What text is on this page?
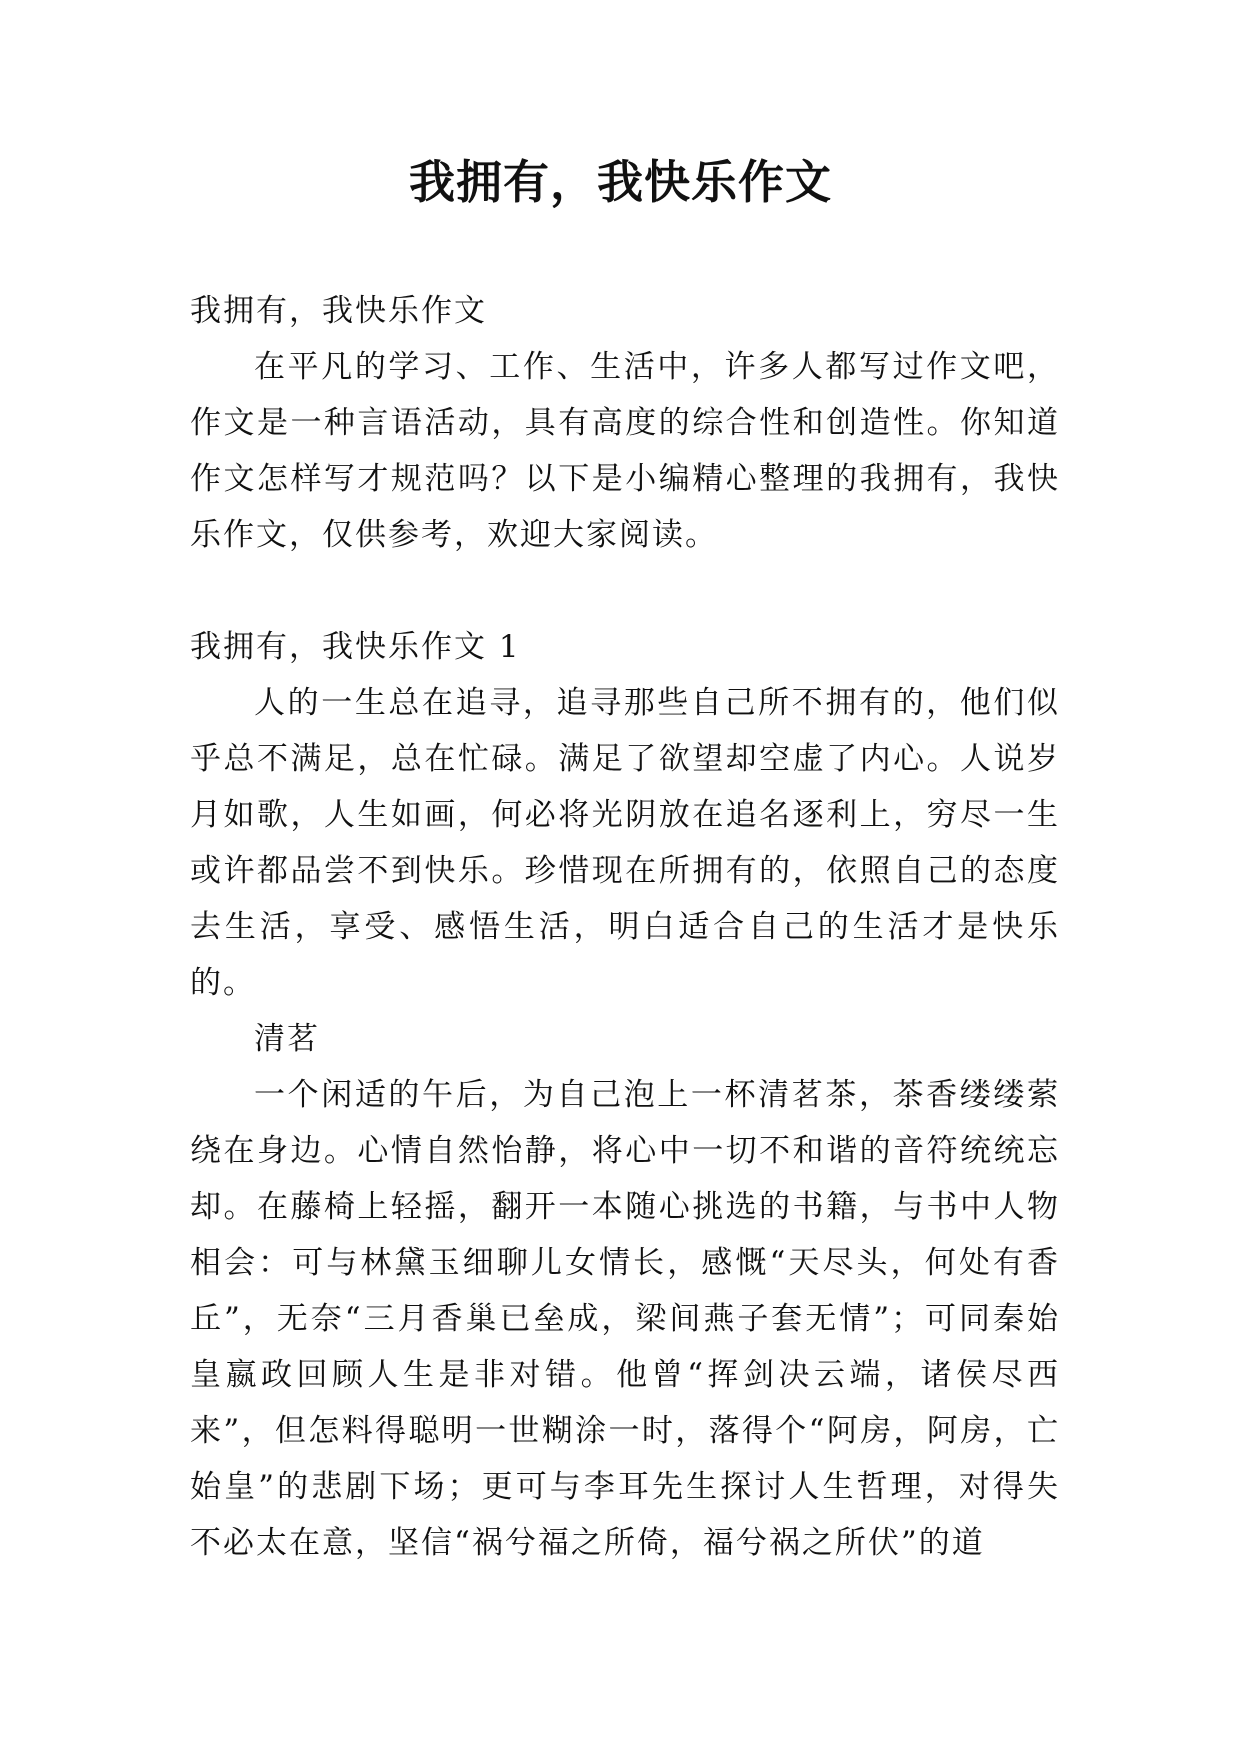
我拥有，我快乐作文

我拥有，我快乐作文

在平凡的学习、工作、生活中，许多人都写过作文吧，作文是一种言语活动，具有高度的综合性和创造性。你知道作文怎样写才规范吗？以下是小编精心整理的我拥有，我快乐作文，仅供参考，欢迎大家阅读。

我拥有，我快乐作文 1

人的一生总在追寻，追寻那些自己所不拥有的，他们似乎总不满足，总在忙碌。满足了欲望却空虚了内心。人说岁月如歌，人生如画，何必将光阴放在追名逐利上，穷尽一生或许都品尝不到快乐。珍惜现在所拥有的，依照自己的态度去生活，享受、感悟生活，明白适合自己的生活才是快乐的。

清茗

一个闲适的午后，为自己泡上一杯清茗茶，茶香缕缕萦绕在身边。心情自然怡静，将心中一切不和谐的音符统统忘却。在藤椅上轻摇，翻开一本随心挑选的书籍，与书中人物相会：可与林黛玉细聊儿女情长，感慨“天尽头，何处有香丘”，无奈“三月香巢已垒成，梁间燕子套无情”；可同秦始皇嬴政回顾人生是非对错。他曾“挥剑决云端，诸侯尽西来”，但怎料得聪明一世糊涂一时，落得个“阿房，阿房，亡始皇”的悲剧下场；更可与李耳先生探讨人生哲理，对得失不必太在意，坚信“祸兮福之所倚，福兮祸之所伏”的道
